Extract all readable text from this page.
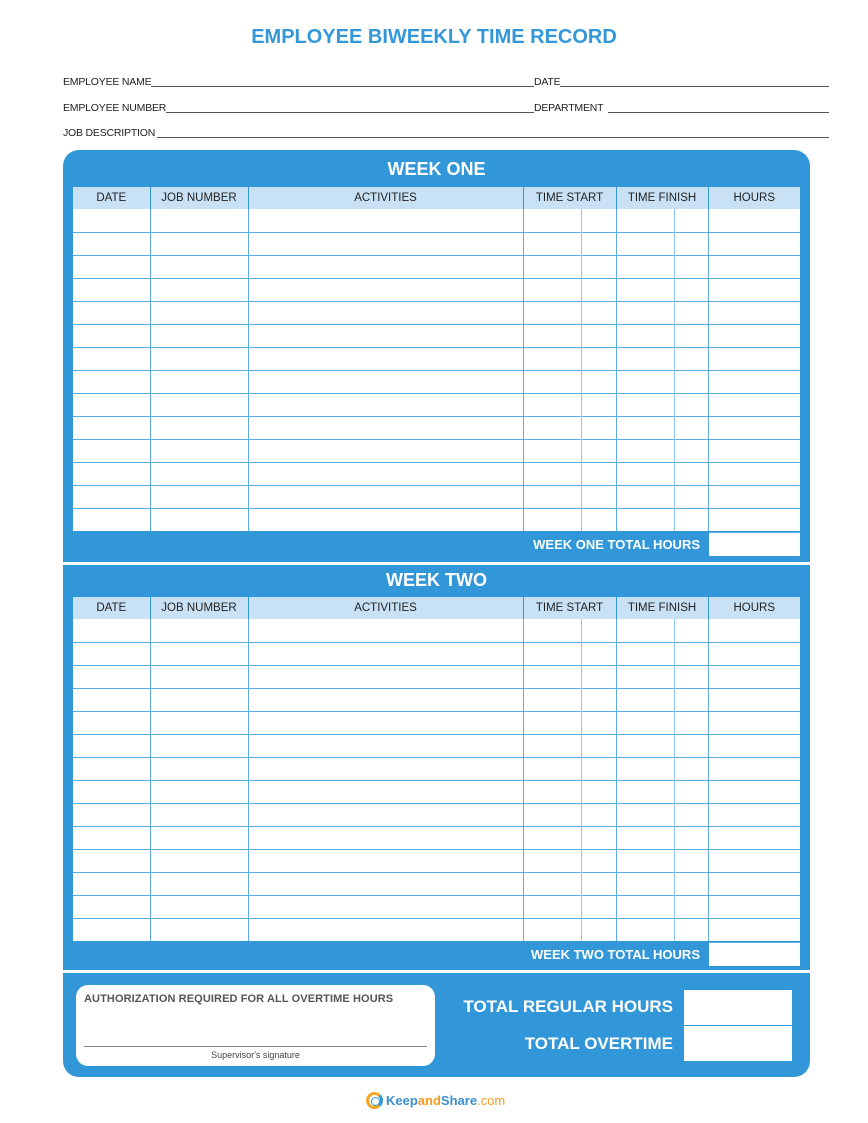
EMPLOYEE BIWEEKLY TIME RECORD
EMPLOYEE NAME	DATE
EMPLOYEE NUMBER	DEPARTMENT
JOB DESCRIPTION
WEEK ONE
DATE	JOB NUMBER	ACTIVITIES	TIME START		TIME FINISH		HOURS

WEEK ONE TOTAL HOURS
WEEK TWO
DATE	JOB NUMBER	ACTIVITIES	TIME START		TIME FINISH		HOURS

WEEK TWO TOTAL HOURS
AUTHORIZATION REQUIRED FOR ALL OVERTIME HOURS
Supervisor's signature
TOTAL REGULAR HOURS
TOTAL OVERTIME
Keep and Share .com
